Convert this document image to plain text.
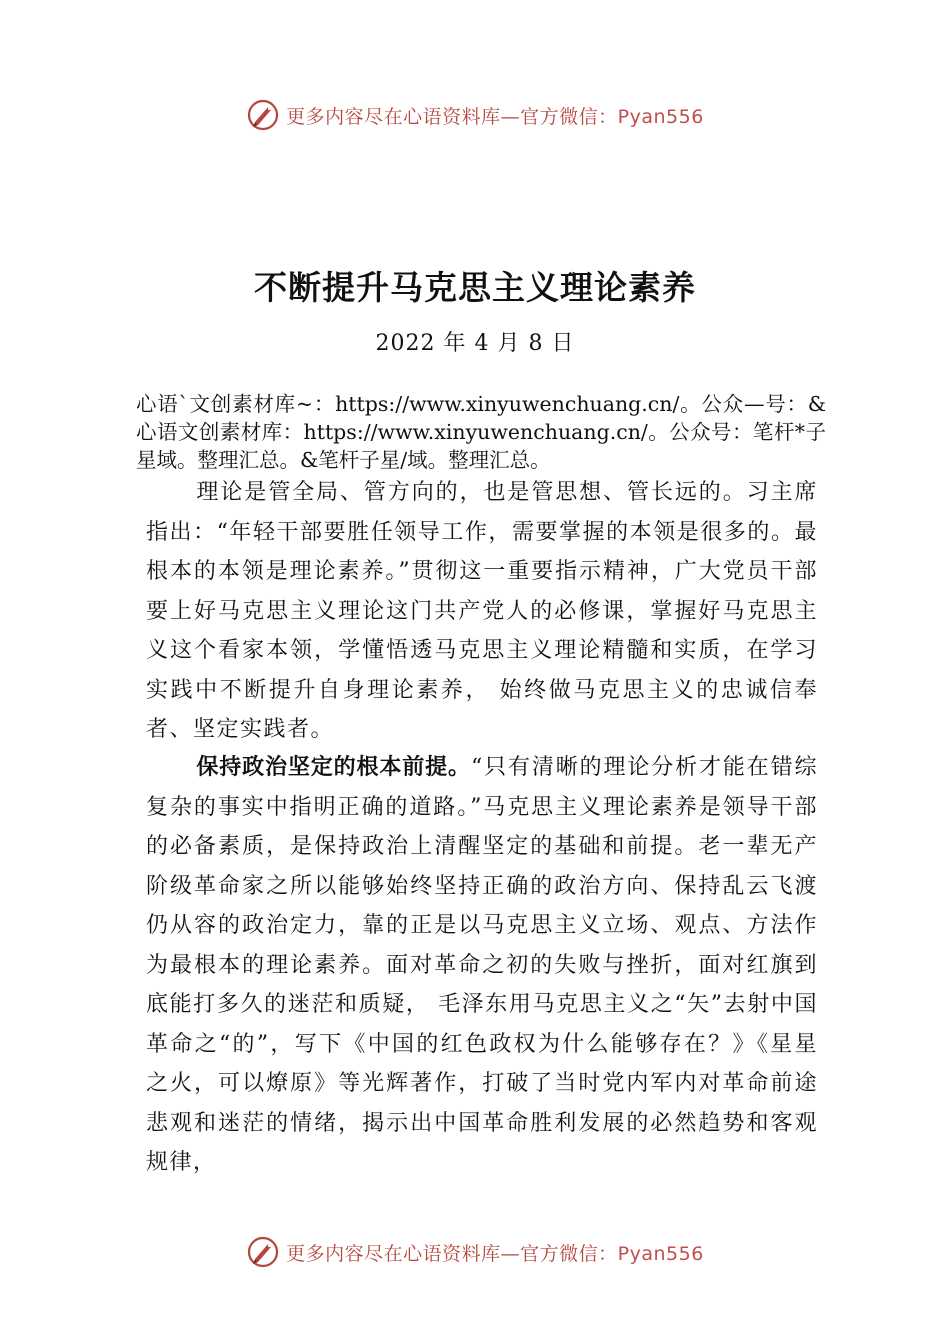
更多内容尽在心语资料库—官方微信：Pyan556
不断提升马克思主义理论素养
2022 年 4 月 8 日
心语`文创素材库~：https://www.xinyuwenchuang.cn/。公众—号：&心语文创素材库：https://www.xinyuwenchuang.cn/。公众号：笔杆*子星域。整理汇总。&笔杆子星/域。整理汇总。
理论是管全局、管方向的，也是管思想、管长远的。习主席指出：“年轻干部要胜任领导工作，需要掌握的本领是很多的。最根本的本领是理论素养。”贯彻这一重要指示精神，广大党员干部要上好马克思主义理论这门共产党人的必修课，掌握好马克思主义这个看家本领，学懂悟透马克思主义理论精髓和实质，在学习实践中不断提升自身理论素养， 始终做马克思主义的忠诚信奉者、坚定实践者。
保持政治坚定的根本前提。“只有清晰的理论分析才能在错综复杂的事实中指明正确的道路。”马克思主义理论素养是领导干部的必备素质，是保持政治上清醒坚定的基础和前提。老一辈无产阶级革命家之所以能够始终坚持正确的政治方向、保持乱云飞渡仍从容的政治定力，靠的正是以马克思主义立场、观点、方法作为最根本的理论素养。面对革命之初的失败与挫折，面对红旗到底能打多久的迷茫和质疑， 毛泽东用马克思主义之“矢”去射中国革命之“的”，写下《中国的红色政权为什么能够存在？》《星星之火，可以燎原》等光辉著作，打破了当时党内军内对革命前途悲观和迷茫的情绪，揭示出中国革命胜利发展的必然趋势和客观规律，
更多内容尽在心语资料库—官方微信：Pyan556
